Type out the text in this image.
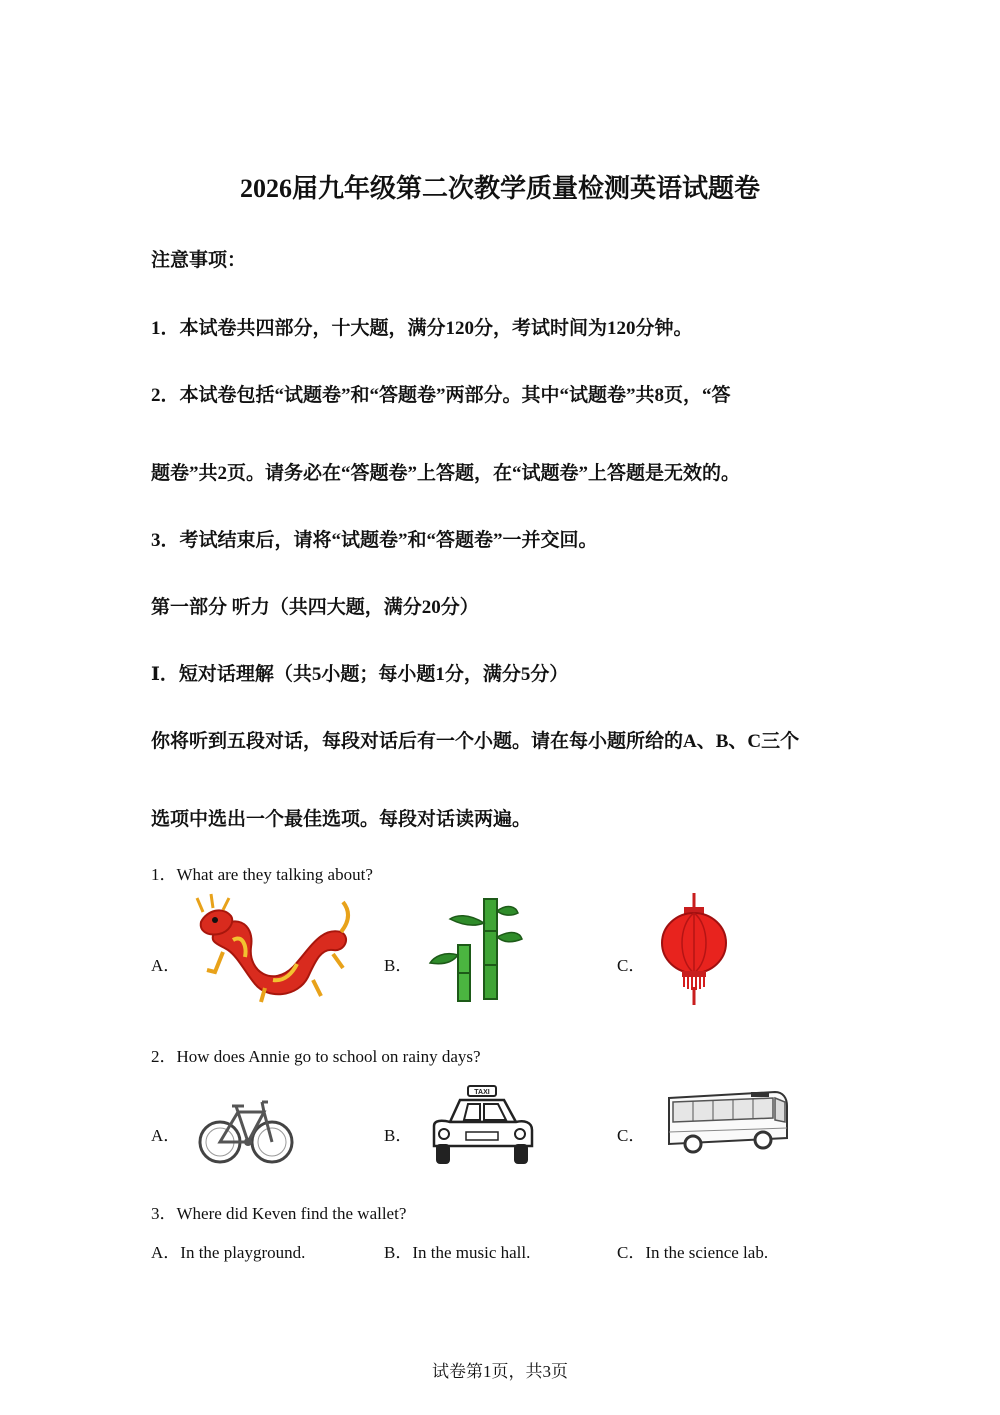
2026届九年级第二次教学质量检测英语试题卷
注意事项：
1．本试卷共四部分，十大题，满分120分，考试时间为120分钟。
2．本试卷包括“试题卷”和“答题卷”两部分。其中“试题卷”共8页，“答
题卷”共2页。请务必在“答题卷”上答题，在“试题卷”上答题是无效的。
3．考试结束后，请将“试题卷”和“答题卷”一并交回。
第一部分 听力（共四大题，满分20分）
Ⅰ．短对话理解（共5小题；每小题1分，满分5分）
你将听到五段对话，每段对话后有一个小题。请在每小题所给的A、B、C三个
选项中选出一个最佳选项。每段对话读两遍。
1．What are they talking about?
A．	B．	C．
2．How does Annie go to school on rainy days?
A．	B．
TAXI
C．
3．Where did Keven find the wallet?
A．In the playground.	B．In the music hall.	C．In the science lab.
试卷第1页，共3页
